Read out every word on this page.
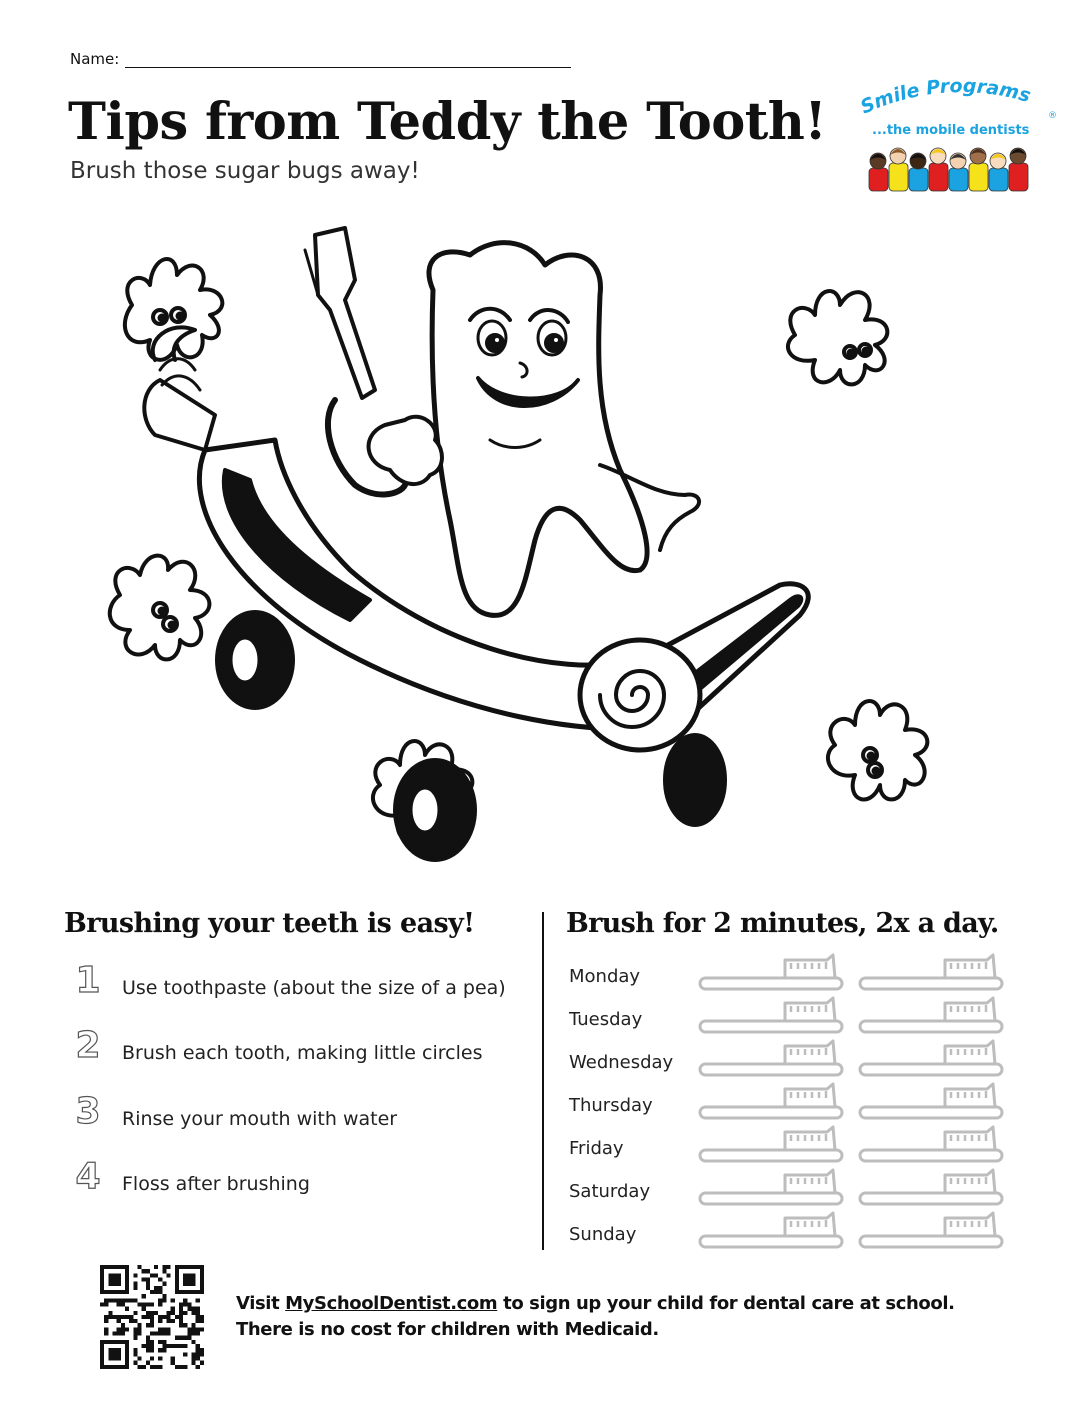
Name:
Tips from Teddy the Tooth!
Brush those sugar bugs away!
Smile Programs
®
...the mobile dentists
®
Brushing your teeth is easy!
1	Use toothpaste (about the size of a pea)
2	Brush each tooth, making little circles
3	Rinse your mouth with water
4	Floss after brushing
Brush for 2 minutes, 2x a day.
Monday
Tuesday
Wednesday
Thursday
Friday
Saturday
Sunday
Visit MySchoolDentist.com to sign up your child for dental care at school.
There is no cost for children with Medicaid.
